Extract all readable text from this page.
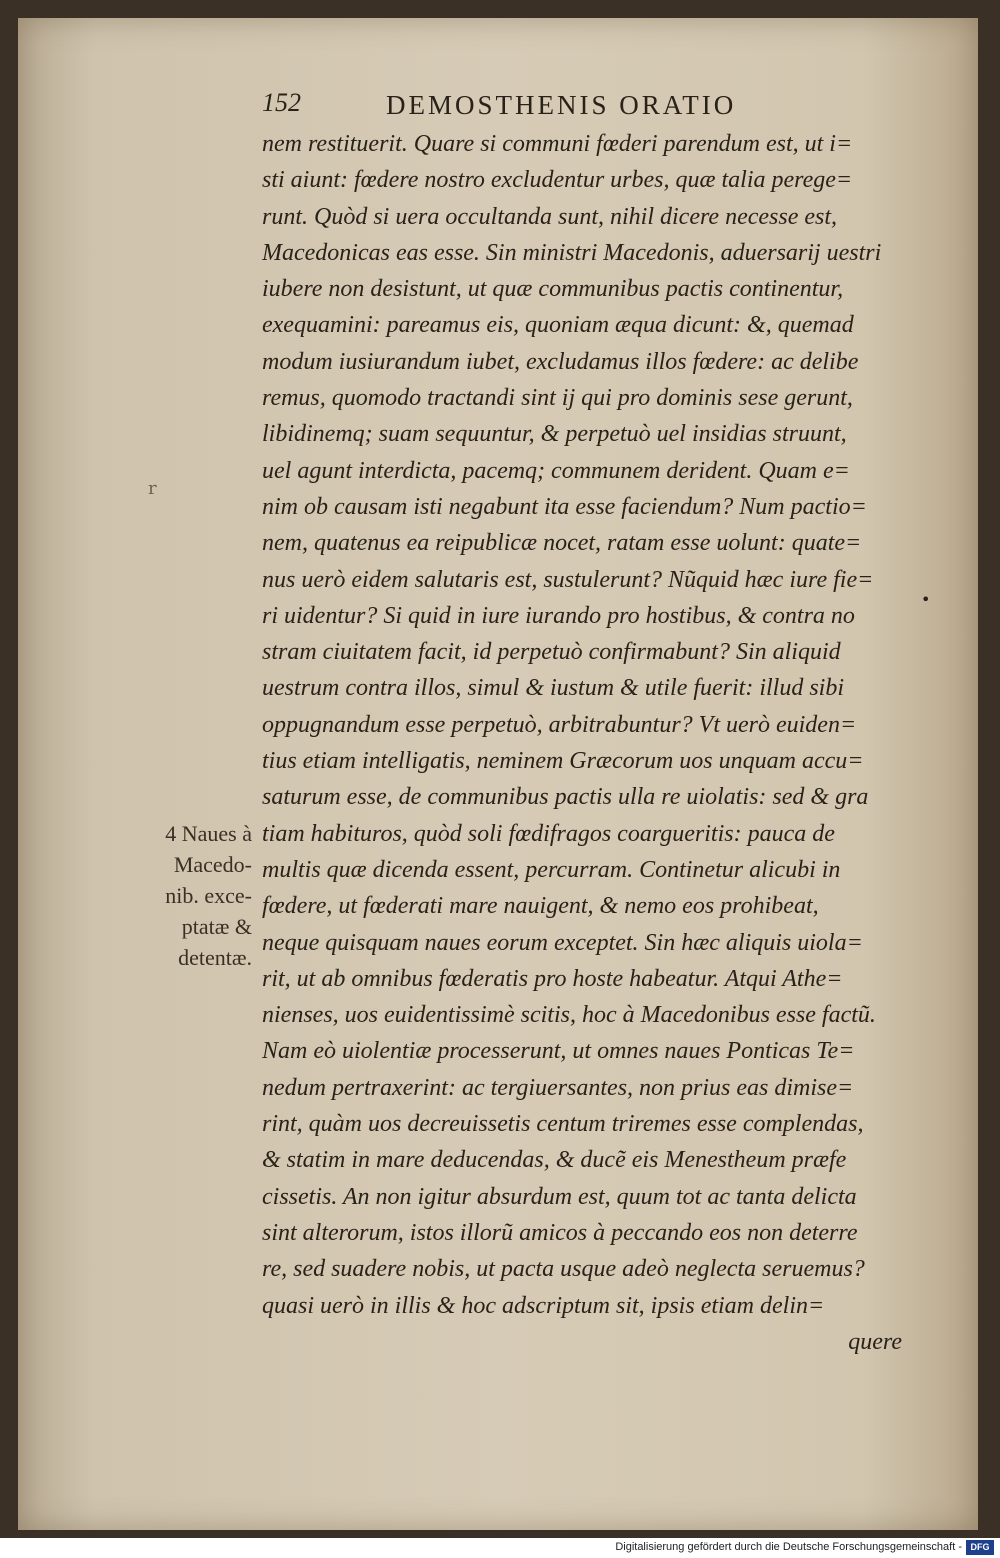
152	DEMOSTHENIS ORATIO
nem restituerit. Quare si communi fœderi parendum est, ut i=
sti aiunt: fœdere nostro excludentur urbes, quæ talia perege=
runt. Quòd si uera occultanda sunt, nihil dicere necesse est,
Macedonicas eas esse. Sin ministri Macedonis, aduersarij uestri
iubere non desistunt, ut quæ communibus pactis continentur,
exequamini: pareamus eis, quoniam æqua dicunt: &, quemad
modum iusiurandum iubet, excludamus illos fœdere: ac delibe
remus, quomodo tractandi sint ij qui pro dominis sese gerunt,
libidinemq; suam sequuntur, & perpetuò uel insidias struunt,
uel agunt interdicta, pacemq; communem derident. Quam e=
nim ob causam isti negabunt ita esse faciendum? Num pactio=
nem, quatenus ea reipublicæ nocet, ratam esse uolunt: quate=
nus uerò eidem salutaris est, sustulerunt? Nũquid hæc iure fie=
ri uidentur? Si quid in iure iurando pro hostibus, & contra no
stram ciuitatem facit, id perpetuò confirmabunt? Sin aliquid
uestrum contra illos, simul & iustum & utile fuerit: illud sibi
oppugnandum esse perpetuò, arbitrabuntur? Vt uerò euiden=
tius etiam intelligatis, neminem Græcorum uos unquam accu=
saturum esse, de communibus pactis ulla re uiolatis: sed & gra
tiam habituros, quòd soli fœdifragos coargueritis: pauca de
multis quæ dicenda essent, percurram. Continetur alicubi in
fœdere, ut fœderati mare nauigent, & nemo eos prohibeat,
neque quisquam naues eorum exceptet. Sin hæc aliquis uiola=
rit, ut ab omnibus fœderatis pro hoste habeatur. Atqui Athe=
nienses, uos euidentissimè scitis, hoc à Macedonibus esse factũ.
Nam eò uiolentiæ processerunt, ut omnes naues Ponticas Te=
nedum pertraxerint: ac tergiuersantes, non prius eas dimise=
rint, quàm uos decreuissetis centum triremes esse complendas,
& statim in mare deducendas, & ducẽ eis Menestheum præfe
cissetis. An non igitur absurdum est, quum tot ac tanta delicta
sint alterorum, istos illorũ amicos à peccando eos non deterre
re, sed suadere nobis, ut pacta usque adeò neglecta seruemus?
quasi uerò in illis & hoc adscriptum sit, ipsis etiam delin=
quere
4 Naues à
Macedo-
nib. exce-
ptatæ &
detentæ.
r
•
Digitalisierung gefördert durch die Deutsche Forschungsgemeinschaft - DFG
